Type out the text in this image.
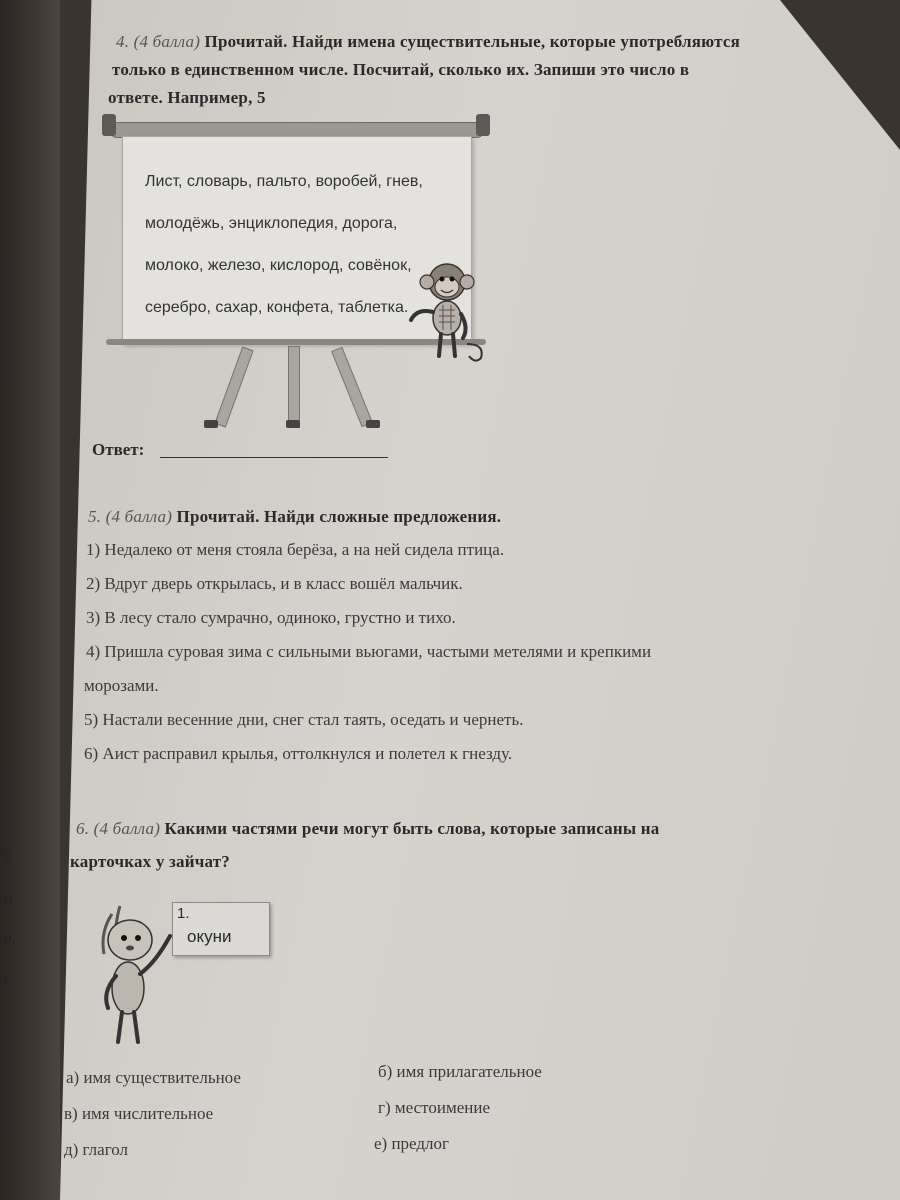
5
н
о,
г
4. (4 балла) Прочитай. Найди имена существительные, которые употребляются
только в единственном числе. Посчитай, сколько их. Запиши это число в
ответе. Например, 5
Лист, словарь, пальто, воробей, гнев,
молодёжь, энциклопедия, дорога,
молоко, железо, кислород, совёнок,
серебро, сахар, конфета, таблетка.
Ответ:
5. (4 балла) Прочитай. Найди сложные предложения.
1) Недалеко от меня стояла берёза, а на ней сидела птица.
2) Вдруг дверь открылась, и в класс вошёл мальчик.
3) В лесу стало сумрачно, одиноко, грустно и тихо.
4) Пришла суровая зима с сильными вьюгами, частыми метелями и крепкими
морозами.
5) Настали весенние дни, снег стал таять, оседать и чернеть.
6) Аист расправил крылья, оттолкнулся и полетел к гнезду.
6. (4 балла) Какими частями речи могут быть слова, которые записаны на
карточках у зайчат?
1.
окуни
а) имя существительное	б) имя прилагательное
в) имя числительное	г) местоимение
д) глагол	е) предлог
